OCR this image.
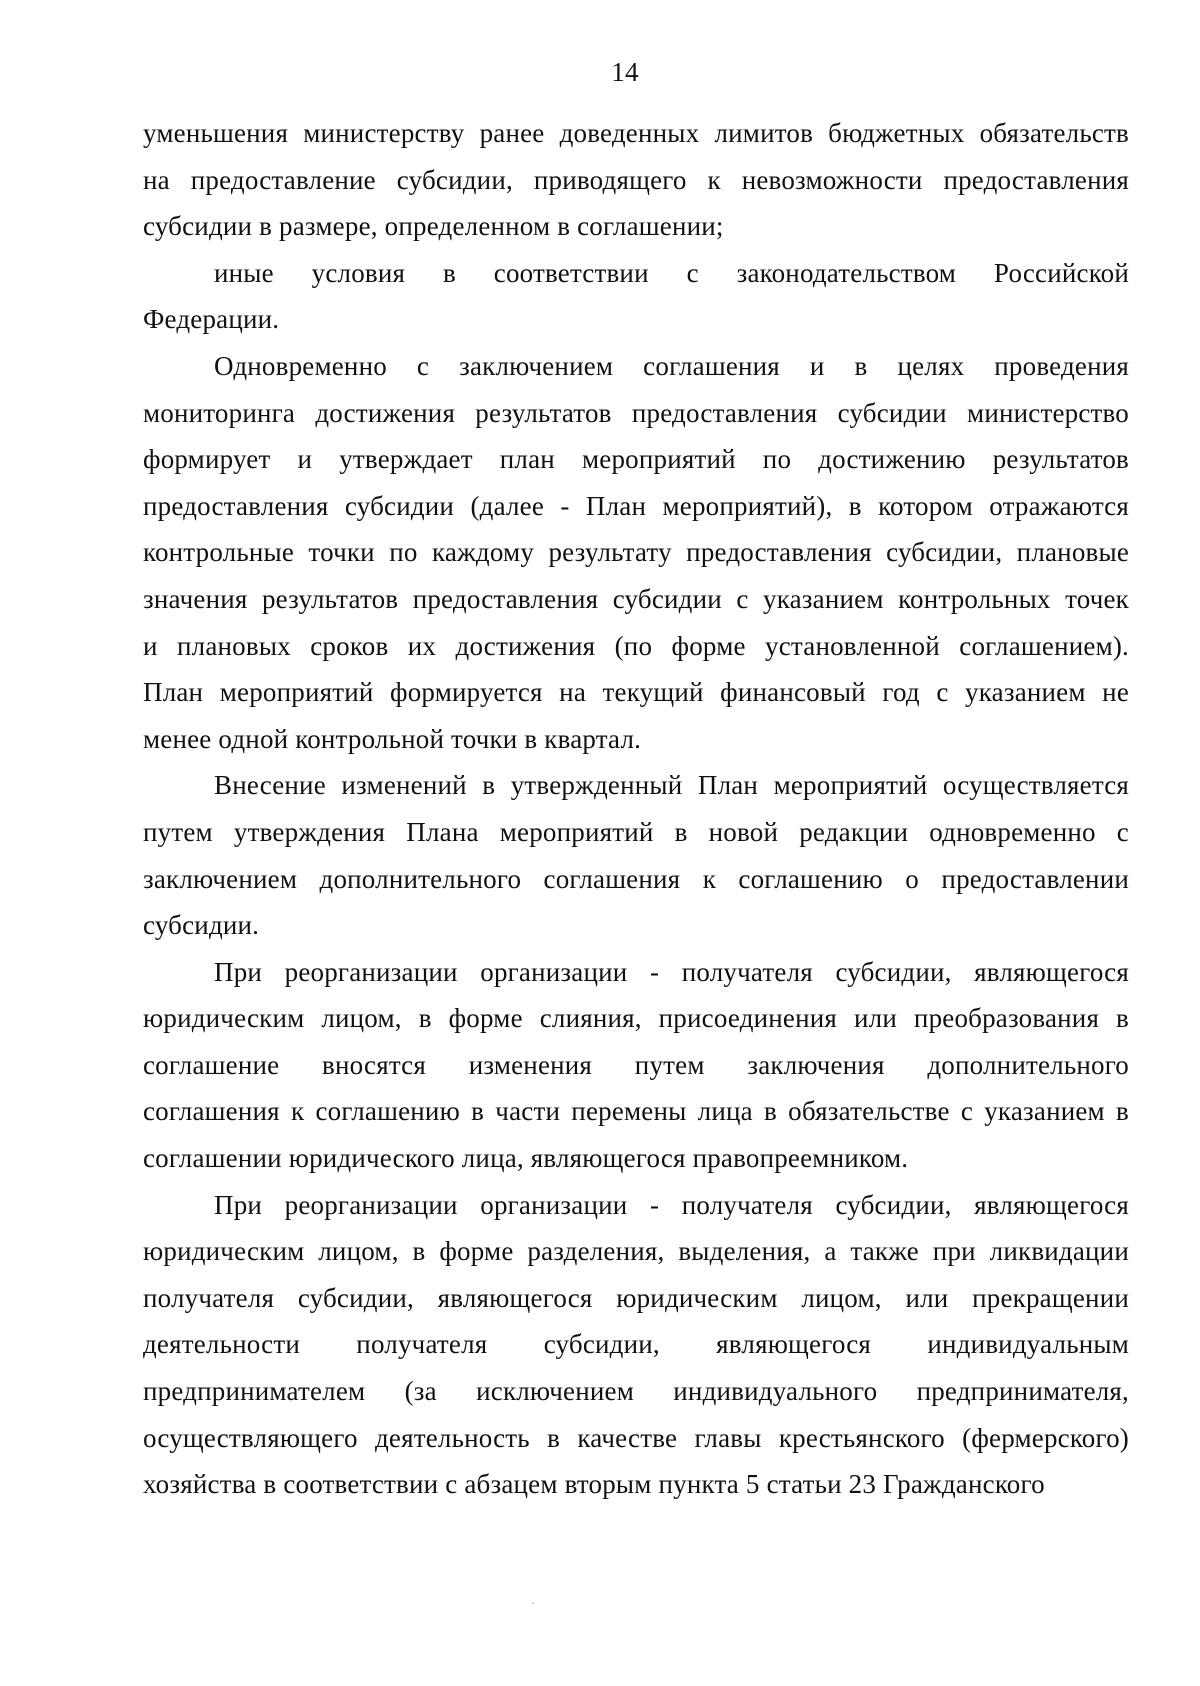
14
уменьшения министерству ранее доведенных лимитов бюджетных обязательств
на предоставление субсидии, приводящего к невозможности предоставления
субсидии в размере, определенном в соглашении;
иные условия в соответствии с законодательством Российской
Федерации.
Одновременно с заключением соглашения и в целях проведения
мониторинга достижения результатов предоставления субсидии министерство
формирует и утверждает план мероприятий по достижению результатов
предоставления субсидии (далее - План мероприятий), в котором отражаются
контрольные точки по каждому результату предоставления субсидии, плановые
значения результатов предоставления субсидии с указанием контрольных точек
и плановых сроков их достижения (по форме установленной соглашением).
План мероприятий формируется на текущий финансовый год с указанием не
менее одной контрольной точки в квартал.
Внесение изменений в утвержденный План мероприятий осуществляется
путем утверждения Плана мероприятий в новой редакции одновременно с
заключением дополнительного соглашения к соглашению о предоставлении
субсидии.
При реорганизации организации - получателя субсидии, являющегося
юридическим лицом, в форме слияния, присоединения или преобразования в
соглашение вносятся изменения путем заключения дополнительного
соглашения к соглашению в части перемены лица в обязательстве с указанием в
соглашении юридического лица, являющегося правопреемником.
При реорганизации организации - получателя субсидии, являющегося
юридическим лицом, в форме разделения, выделения, а также при ликвидации
получателя субсидии, являющегося юридическим лицом, или прекращении
деятельности получателя субсидии, являющегося индивидуальным
предпринимателем (за исключением индивидуального предпринимателя,
осуществляющего деятельность в качестве главы крестьянского (фермерского)
хозяйства в соответствии с абзацем вторым пункта 5 статьи 23 Гражданского
